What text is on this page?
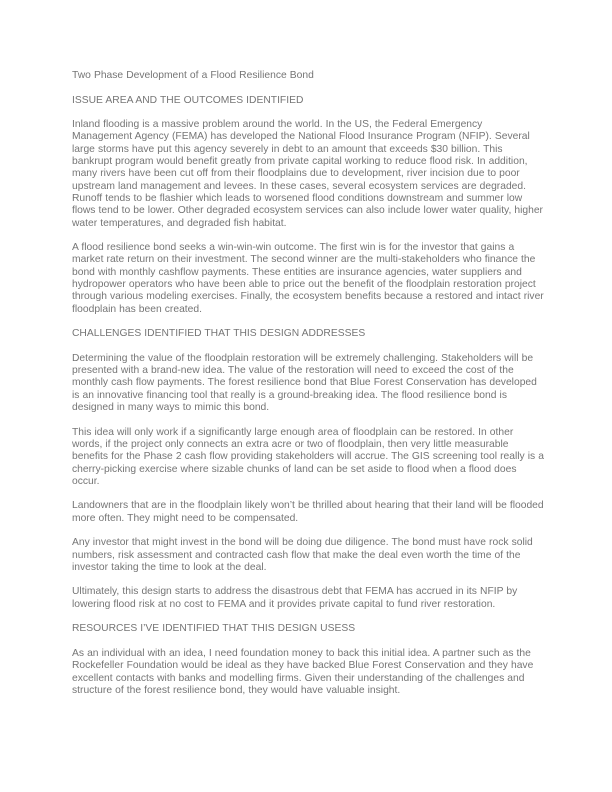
Two Phase Development of a Flood Resilience Bond

ISSUE AREA AND THE OUTCOMES IDENTIFIED

Inland flooding is a massive problem around the world. In the US, the Federal Emergency Management Agency (FEMA) has developed the National Flood Insurance Program (NFIP). Several large storms have put this agency severely in debt to an amount that exceeds $30 billion. This bankrupt program would benefit greatly from private capital working to reduce flood risk. In addition, many rivers have been cut off from their floodplains due to development, river incision due to poor upstream land management and levees. In these cases, several ecosystem services are degraded. Runoff tends to be flashier which leads to worsened flood conditions downstream and summer low flows tend to be lower. Other degraded ecosystem services can also include lower water quality, higher water temperatures, and degraded fish habitat.

A flood resilience bond seeks a win-win-win outcome. The first win is for the investor that gains a market rate return on their investment. The second winner are the multi-stakeholders who finance the bond with monthly cashflow payments. These entities are insurance agencies, water suppliers and hydropower operators who have been able to price out the benefit of the floodplain restoration project through various modeling exercises. Finally, the ecosystem benefits because a restored and intact river floodplain has been created.

CHALLENGES IDENTIFIED THAT THIS DESIGN ADDRESSES

Determining the value of the floodplain restoration will be extremely challenging. Stakeholders will be presented with a brand-new idea. The value of the restoration will need to exceed the cost of the monthly cash flow payments. The forest resilience bond that Blue Forest Conservation has developed is an innovative financing tool that really is a ground-breaking idea. The flood resilience bond is designed in many ways to mimic this bond.

This idea will only work if a significantly large enough area of floodplain can be restored. In other words, if the project only connects an extra acre or two of floodplain, then very little measurable benefits for the Phase 2 cash flow providing stakeholders will accrue. The GIS screening tool really is a cherry-picking exercise where sizable chunks of land can be set aside to flood when a flood does occur.

Landowners that are in the floodplain likely won’t be thrilled about hearing that their land will be flooded more often. They might need to be compensated.

Any investor that might invest in the bond will be doing due diligence. The bond must have rock solid numbers, risk assessment and contracted cash flow that make the deal even worth the time of the investor taking the time to look at the deal.

Ultimately, this design starts to address the disastrous debt that FEMA has accrued in its NFIP by lowering flood risk at no cost to FEMA and it provides private capital to fund river restoration.

RESOURCES I’VE IDENTIFIED THAT THIS DESIGN USESS

As an individual with an idea, I need foundation money to back this initial idea. A partner such as the Rockefeller Foundation would be ideal as they have backed Blue Forest Conservation and they have excellent contacts with banks and modelling firms. Given their understanding of the challenges and structure of the forest resilience bond, they would have valuable insight.
